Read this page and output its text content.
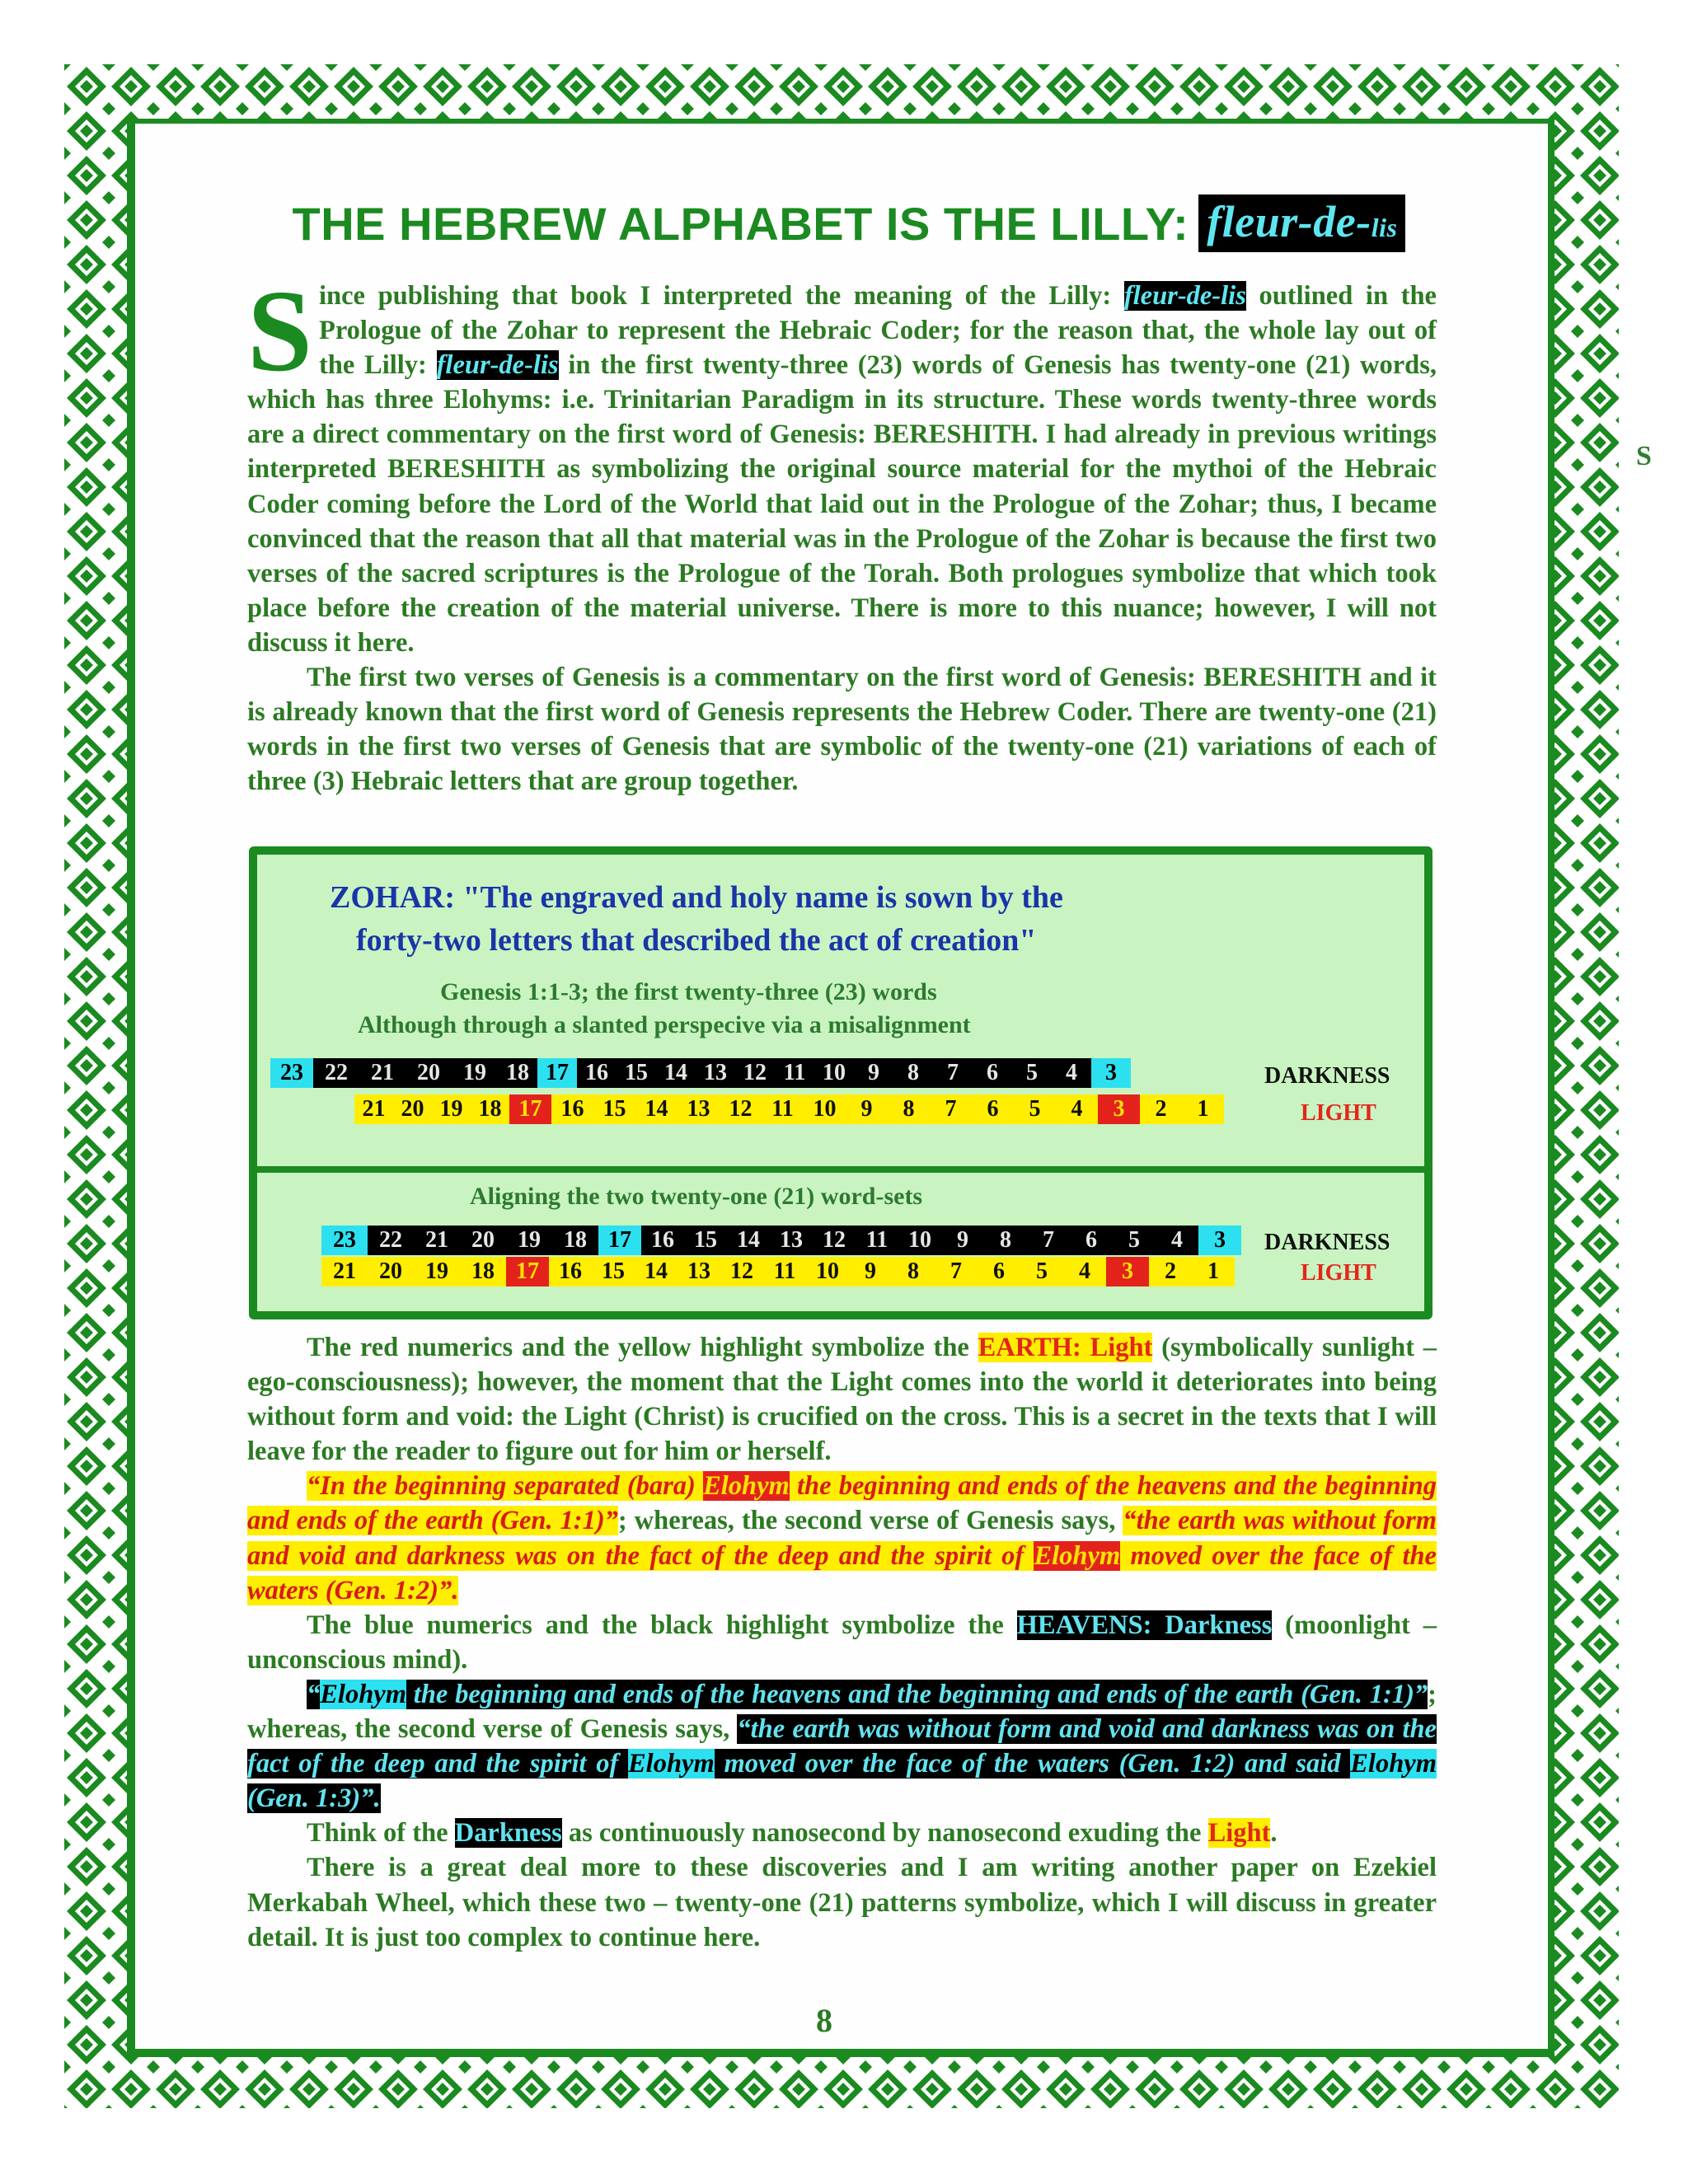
S
THE HEBREW ALPHABET IS THE LILLY: fleur-de-lis

Since publishing that book I interpreted the meaning of the Lilly: fleur-de-lis outlined in the Prologue of the Zohar to represent the Hebraic Coder; for the reason that, the whole lay out of the Lilly: fleur-de-lis in the first twenty-three (23) words of Genesis has twenty-one (21) words, which has three Elohyms: i.e. Trinitarian Paradigm in its structure. These words twenty-three words are a direct commentary on the first word of Genesis: BERESHITH. I had already in previous writings interpreted BERESHITH as symbolizing the original source material for the mythoi of the Hebraic Coder coming before the Lord of the World that laid out in the Prologue of the Zohar; thus, I became convinced that the reason that all that material was in the Prologue of the Zohar is because the first two verses of the sacred scriptures is the Prologue of the Torah. Both prologues symbolize that which took place before the creation of the material universe. There is more to this nuance; however, I will not discuss it here.

The first two verses of Genesis is a commentary on the first word of Genesis: BERESHITH and it is already known that the first word of Genesis represents the Hebrew Coder. There are twenty-one (21) words in the first two verses of Genesis that are symbolic of the twenty-one (21) variations of each of three (3) Hebraic letters that are group together.

ZOHAR: "The engraved and holy name is sown by the
forty-two letters that described the act of creation"
Genesis 1:1-3; the first twenty-three (23) words
Although through a slanted perspecive via a misalignment
23 22	21	20	19 18 17 16 15 14 13 12 11 10 9	8	7	6	5	4	3
21 20 19 18 17 16 15 14 13 12 11 10	9	8	7	6	5	4	3	2	1
DARKNESS
LIGHT
Aligning the two twenty-one (21) word-sets
23	22	21	20	19	18 17 16 15 14 13 12 11 10	9	8	7	6	5	4	3
21	20	19	18 17 16 15 14 13 12 11 10	9	8	7	6	5	4	3	2	1
DARKNESS
LIGHT

The red numerics and the yellow highlight symbolize the EARTH: Light (symbolically sunlight – ego-consciousness); however, the moment that the Light comes into the world it deteriorates into being without form and void: the Light (Christ) is crucified on the cross. This is a secret in the texts that I will leave for the reader to figure out for him or herself.

“In the beginning separated (bara) Elohym the beginning and ends of the heavens and the beginning and ends of the earth (Gen. 1:1)”; whereas, the second verse of Genesis says, “the earth was without form and void and darkness was on the fact of the deep and the spirit of Elohym moved over the face of the waters (Gen. 1:2)”.

The blue numerics and the black highlight symbolize the HEAVENS: Darkness (moonlight – unconscious mind).

“Elohym the beginning and ends of the heavens and the beginning and ends of the earth (Gen. 1:1)”; whereas, the second verse of Genesis says, “the earth was without form and void and darkness was on the fact of the deep and the spirit of Elohym moved over the face of the waters (Gen. 1:2) and said Elohym (Gen. 1:3)”.

Think of the Darkness as continuously nanosecond by nanosecond exuding the Light.

There is a great deal more to these discoveries and I am writing another paper on Ezekiel Merkabah Wheel, which these two – twenty-one (21) patterns symbolize, which I will discuss in greater detail. It is just too complex to continue here.

8
